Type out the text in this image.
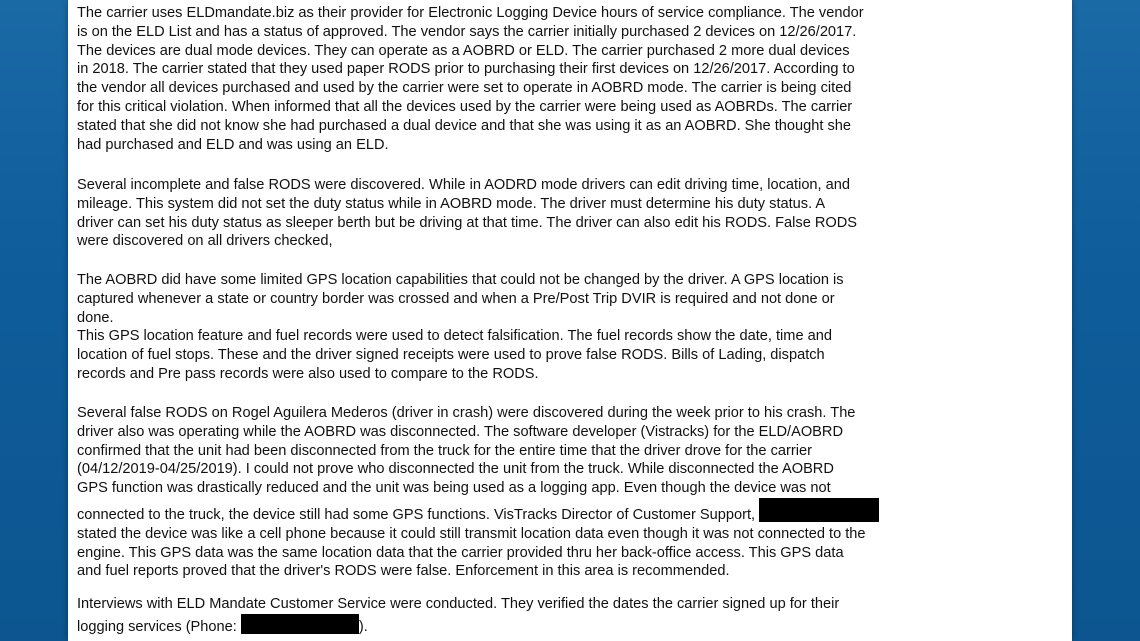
The carrier uses ELDmandate.biz as their provider for Electronic Logging Device hours of service compliance. The vendor
is on the ELD List and has a status of approved. The vendor says the carrier initially purchased 2 devices on 12/26/2017.
The devices are dual mode devices. They can operate as a AOBRD or ELD. The carrier purchased 2 more dual devices
in 2018. The carrier stated that they used paper RODS prior to purchasing their first devices on 12/26/2017. According to
the vendor all devices purchased and used by the carrier were set to operate in AOBRD mode. The carrier is being cited
for this critical violation. When informed that all the devices used by the carrier were being used as AOBRDs. The carrier
stated that she did not know she had purchased a dual device and that she was using it as an AOBRD. She thought she
had purchased and ELD and was using an ELD.

Several incomplete and false RODS were discovered. While in AODRD mode drivers can edit driving time, location, and
mileage. This system did not set the duty status while in AOBRD mode. The driver must determine his duty status. A
driver can set his duty status as sleeper berth but be driving at that time. The driver can also edit his RODS. False RODS
were discovered on all drivers checked,

The AOBRD did have some limited GPS location capabilities that could not be changed by the driver. A GPS location is
captured whenever a state or country border was crossed and when a Pre/Post Trip DVIR is required and not done or
done.
This GPS location feature and fuel records were used to detect falsification. The fuel records show the date, time and
location of fuel stops. These and the driver signed receipts were used to prove false RODS. Bills of Lading, dispatch
records and Pre pass records were also used to compare to the RODS.

Several false RODS on Rogel Aguilera Mederos (driver in crash) were discovered during the week prior to his crash. The
driver also was operating while the AOBRD was disconnected. The software developer (Vistracks) for the ELD/AOBRD
confirmed that the unit had been disconnected from the truck for the entire time that the driver drove for the carrier
(04/12/2019-04/25/2019). I could not prove who disconnected the unit from the truck. While disconnected the AOBRD
GPS function was drastically reduced and the unit was being used as a logging app. Even though the device was not
connected to the truck, the device still had some GPS functions. VisTracks Director of Customer Support,
stated the device was like a cell phone because it could still transmit location data even though it was not connected to the
engine. This GPS data was the same location data that the carrier provided thru her back-office access. This GPS data
and fuel reports proved that the driver's RODS were false. Enforcement in this area is recommended.

Interviews with ELD Mandate Customer Service were conducted. They verified the dates the carrier signed up for their
logging services (Phone:	).
